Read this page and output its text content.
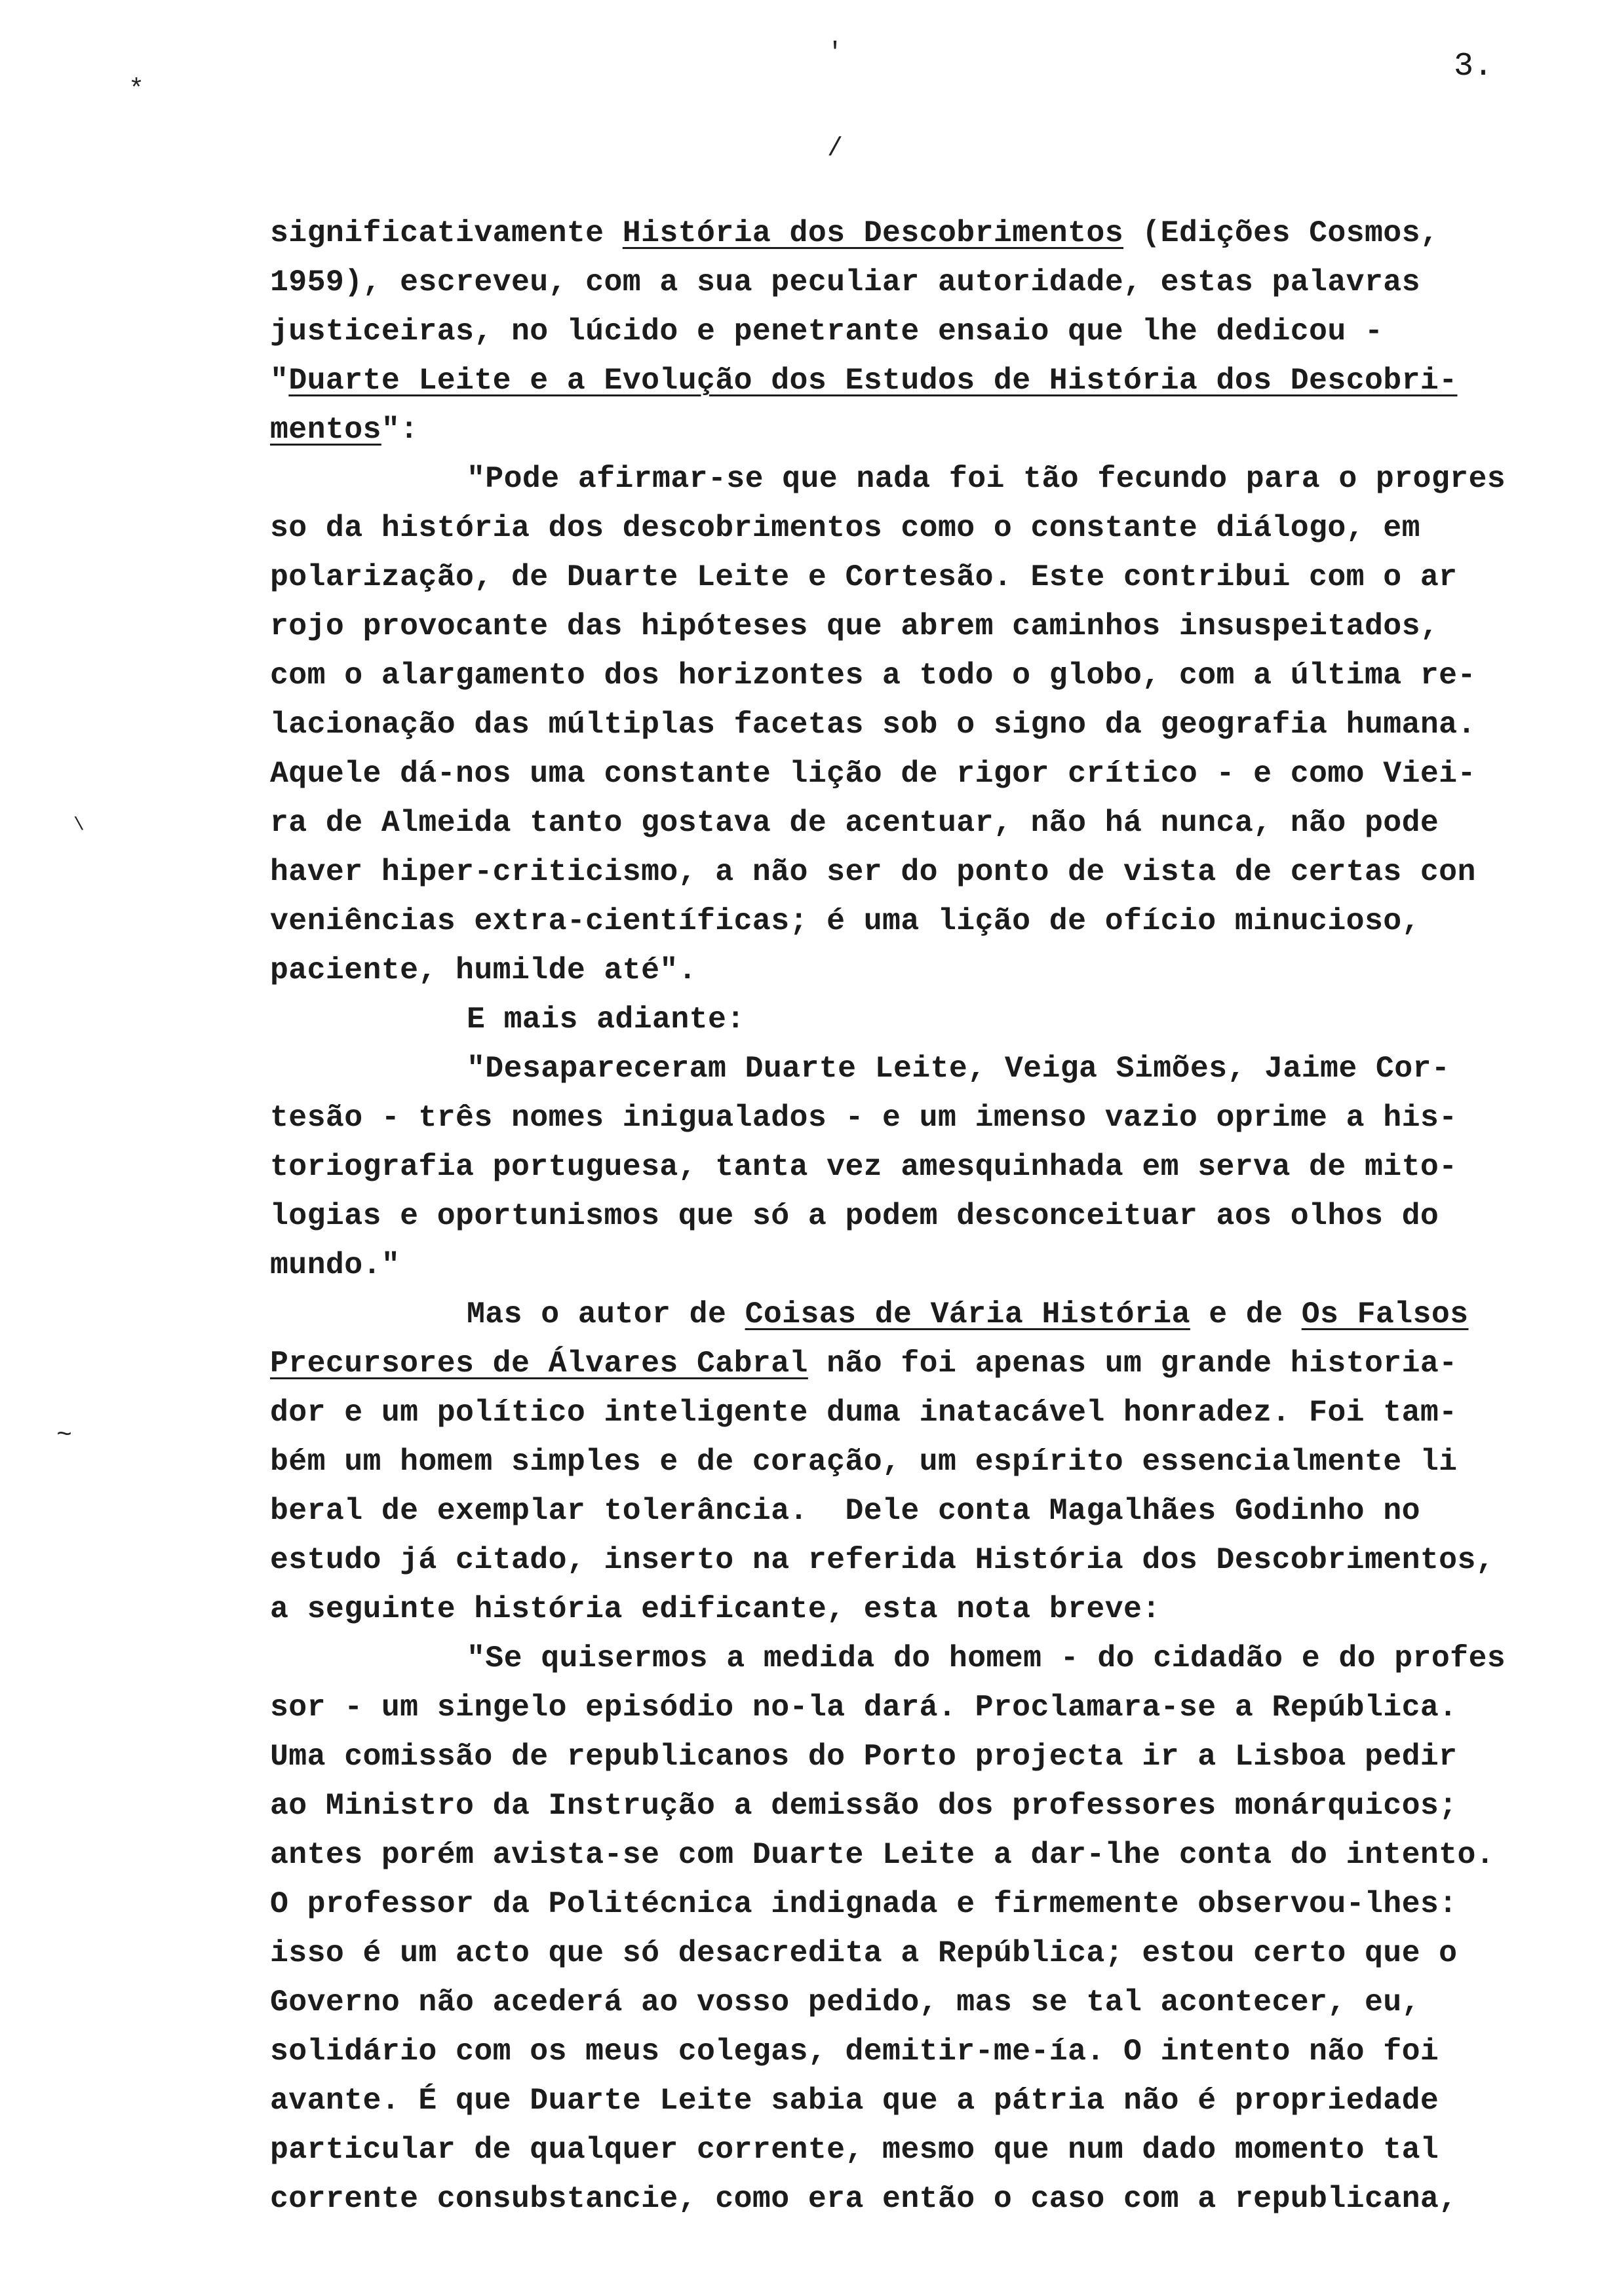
3.
*
'
/
\
~
significativamente História dos Descobrimentos (Edições Cosmos,
1959), escreveu, com a sua peculiar autoridade, estas palavras
justiceiras, no lúcido e penetrante ensaio que lhe dedicou -
"Duarte Leite e a Evolução dos Estudos de História dos Descobri-
mentos":
"Pode afirmar-se que nada foi tão fecundo para o progres
so da história dos descobrimentos como o constante diálogo, em
polarização, de Duarte Leite e Cortesão. Este contribui com o ar
rojo provocante das hipóteses que abrem caminhos insuspeitados,
com o alargamento dos horizontes a todo o globo, com a última re-
lacionação das múltiplas facetas sob o signo da geografia humana.
Aquele dá-nos uma constante lição de rigor crítico - e como Viei-
ra de Almeida tanto gostava de acentuar, não há nunca, não pode
haver hiper-criticismo, a não ser do ponto de vista de certas con
veniências extra-científicas; é uma lição de ofício minucioso,
paciente, humilde até".
E mais adiante:
"Desapareceram Duarte Leite, Veiga Simões, Jaime Cor-
tesão - três nomes inigualados - e um imenso vazio oprime a his-
toriografia portuguesa, tanta vez amesquinhada em serva de mito-
logias e oportunismos que só a podem desconceituar aos olhos do
mundo."
Mas o autor de Coisas de Vária História e de Os Falsos
Precursores de Álvares Cabral não foi apenas um grande historia-
dor e um político inteligente duma inatacável honradez. Foi tam-
bém um homem simples e de coração, um espírito essencialmente li
beral de exemplar tolerância.  Dele conta Magalhães Godinho no
estudo já citado, inserto na referida História dos Descobrimentos,
a seguinte história edificante, esta nota breve:
"Se quisermos a medida do homem - do cidadão e do profes
sor - um singelo episódio no-la dará. Proclamara-se a República.
Uma comissão de republicanos do Porto projecta ir a Lisboa pedir
ao Ministro da Instrução a demissão dos professores monárquicos;
antes porém avista-se com Duarte Leite a dar-lhe conta do intento.
O professor da Politécnica indignada e firmemente observou-lhes:
isso é um acto que só desacredita a República; estou certo que o
Governo não acederá ao vosso pedido, mas se tal acontecer, eu,
solidário com os meus colegas, demitir-me-ía. O intento não foi
avante. É que Duarte Leite sabia que a pátria não é propriedade
particular de qualquer corrente, mesmo que num dado momento tal
corrente consubstancie, como era então o caso com a republicana,
